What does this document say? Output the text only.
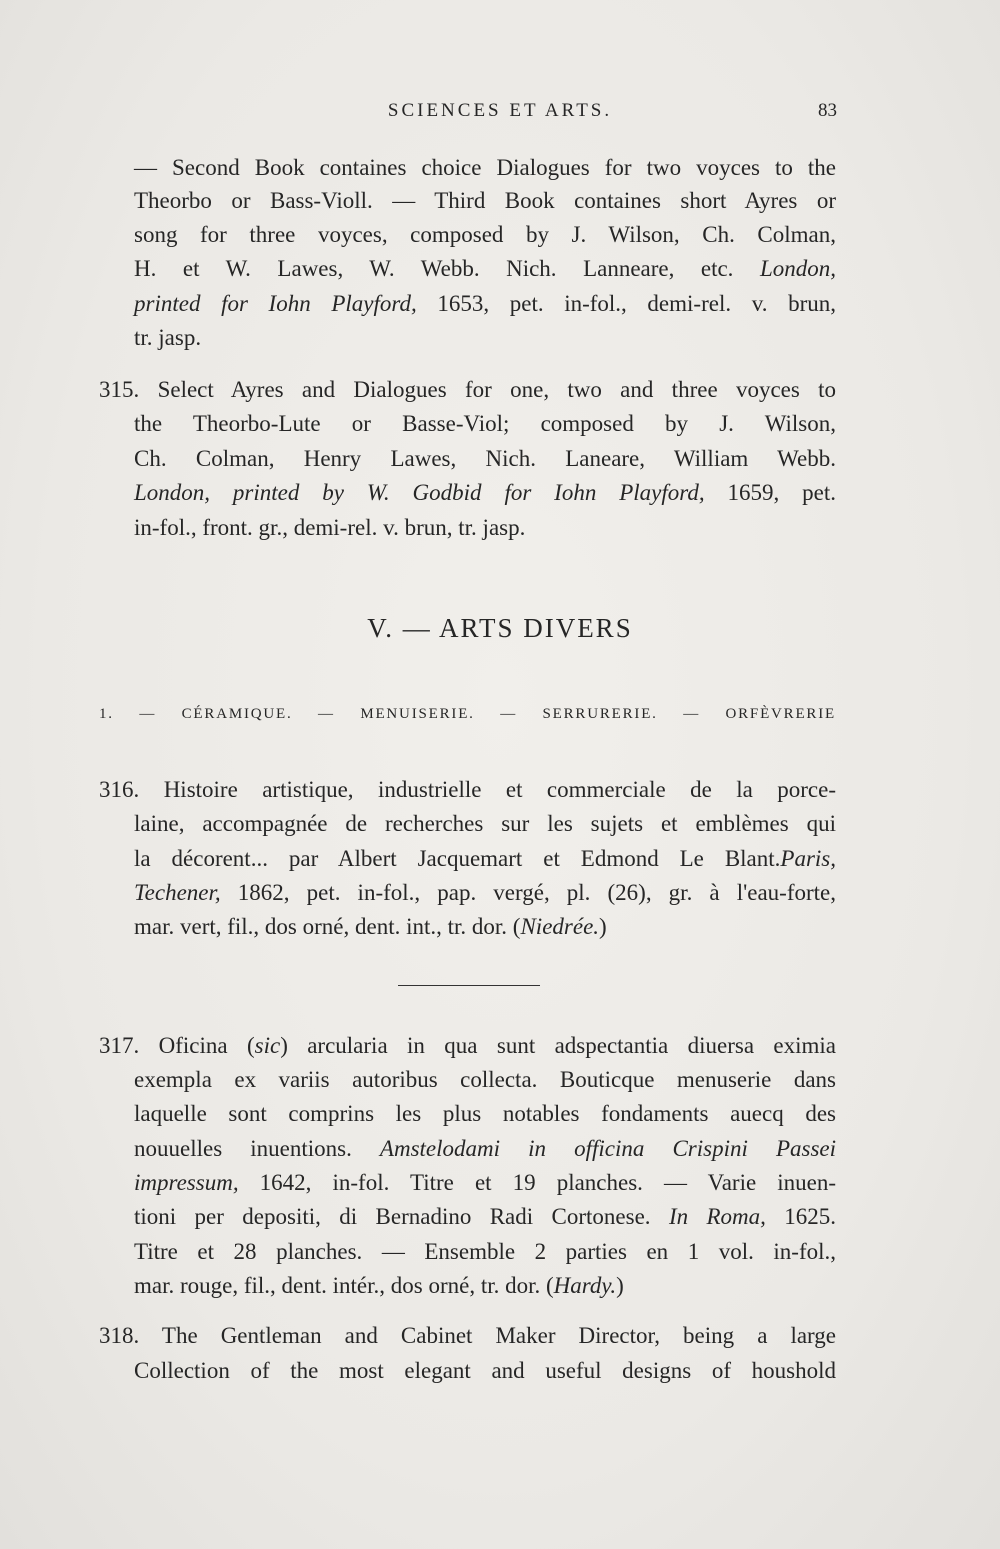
SCIENCES ET ARTS.	83
— Second Book containes choice Dialogues for two voyces to the
Theorbo or Bass-Violl. — Third Book containes short Ayres or
song for three voyces, composed by J. Wilson, Ch. Colman,
H. et W. Lawes, W. Webb. Nich. Lanneare, etc. London,
printed for Iohn Playford, 1653, pet. in-fol., demi-rel. v. brun,
tr. jasp.
315. Select Ayres and Dialogues for one, two and three voyces to
the Theorbo-Lute or Basse-Viol; composed by J. Wilson,
Ch. Colman, Henry Lawes, Nich. Laneare, William Webb.
London, printed by W. Godbid for Iohn Playford, 1659, pet.
in-fol., front. gr., demi-rel. v. brun, tr. jasp.
V. — ARTS DIVERS
1. — CÉRAMIQUE. — MENUISERIE. — SERRURERIE. — ORFÈVRERIE
316. Histoire artistique, industrielle et commerciale de la porce-
laine, accompagnée de recherches sur les sujets et emblèmes qui
la décorent... par Albert Jacquemart et Edmond Le Blant.Paris,
Techener, 1862, pet. in-fol., pap. vergé, pl. (26), gr. à l'eau-forte,
mar. vert, fil., dos orné, dent. int., tr. dor. (Niedrée.)
317. Oficina (sic) arcularia in qua sunt adspectantia diuersa eximia
exempla ex variis autoribus collecta. Bouticque menuserie dans
laquelle sont comprins les plus notables fondaments auecq des
nouuelles inuentions. Amstelodami in officina Crispini Passei
impressum, 1642, in-fol. Titre et 19 planches. — Varie inuen-
tioni per depositi, di Bernadino Radi Cortonese. In Roma, 1625.
Titre et 28 planches. — Ensemble 2 parties en 1 vol. in-fol.,
mar. rouge, fil., dent. intér., dos orné, tr. dor. (Hardy.)
318. The Gentleman and Cabinet Maker Director, being a large
Collection of the most elegant and useful designs of houshold
